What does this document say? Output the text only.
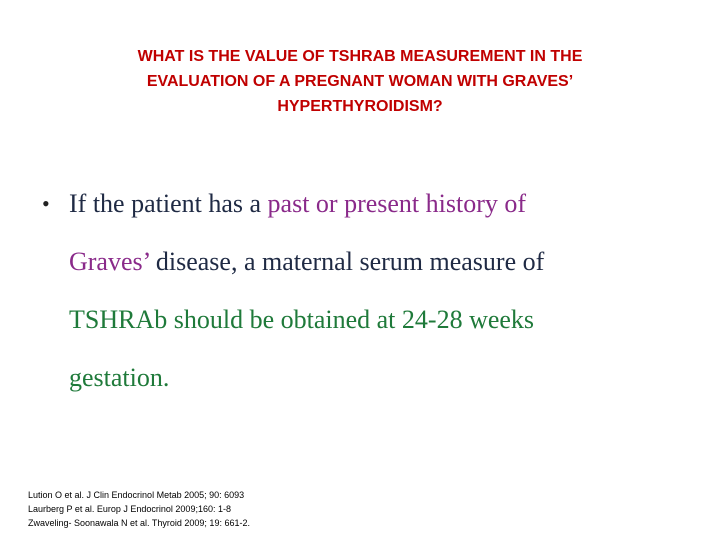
WHAT IS THE VALUE OF TSHRAB MEASUREMENT IN THE
EVALUATION OF A PREGNANT WOMAN WITH GRAVES’
HYPERTHYROIDISM?
• If the patient has a past or present history of
Graves’ disease, a maternal serum measure of
TSHRAb should be obtained at 24-28 weeks
gestation.
Lution O et al. J Clin Endocrinol Metab 2005; 90: 6093
Laurberg P et al. Europ J Endocrinol 2009;160: 1-8
Zwaveling- Soonawala N et al. Thyroid 2009; 19: 661-2.
